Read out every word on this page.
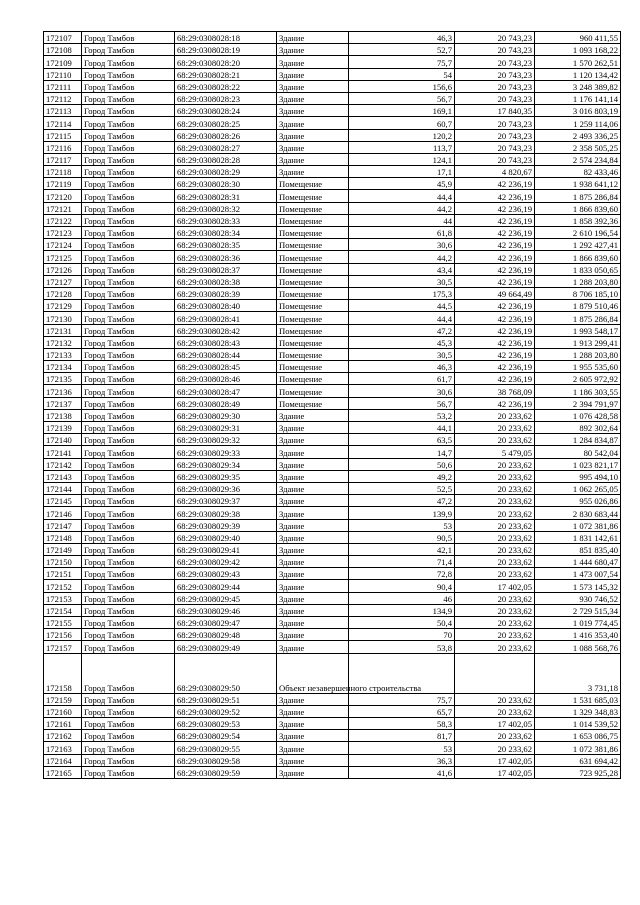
172107	Город Тамбов	68:29:0308028:18	Здание	46,3	20 743,23	960 411,55
172108	Город Тамбов	68:29:0308028:19	Здание	52,7	20 743,23	1 093 168,22
172109	Город Тамбов	68:29:0308028:20	Здание	75,7	20 743,23	1 570 262,51
172110	Город Тамбов	68:29:0308028:21	Здание	54	20 743,23	1 120 134,42
172111	Город Тамбов	68:29:0308028:22	Здание	156,6	20 743,23	3 248 389,82
172112	Город Тамбов	68:29:0308028:23	Здание	56,7	20 743,23	1 176 141,14
172113	Город Тамбов	68:29:0308028:24	Здание	169,1	17 840,35	3 016 803,19
172114	Город Тамбов	68:29:0308028:25	Здание	60,7	20 743,23	1 259 114,06
172115	Город Тамбов	68:29:0308028:26	Здание	120,2	20 743,23	2 493 336,25
172116	Город Тамбов	68:29:0308028:27	Здание	113,7	20 743,23	2 358 505,25
172117	Город Тамбов	68:29:0308028:28	Здание	124,1	20 743,23	2 574 234,84
172118	Город Тамбов	68:29:0308028:29	Здание	17,1	4 820,67	82 433,46
172119	Город Тамбов	68:29:0308028:30	Помещение	45,9	42 236,19	1 938 641,12
172120	Город Тамбов	68:29:0308028:31	Помещение	44,4	42 236,19	1 875 286,84
172121	Город Тамбов	68:29:0308028:32	Помещение	44,2	42 236,19	1 866 839,60
172122	Город Тамбов	68:29:0308028:33	Помещение	44	42 236,19	1 858 392,36
172123	Город Тамбов	68:29:0308028:34	Помещение	61,8	42 236,19	2 610 196,54
172124	Город Тамбов	68:29:0308028:35	Помещение	30,6	42 236,19	1 292 427,41
172125	Город Тамбов	68:29:0308028:36	Помещение	44,2	42 236,19	1 866 839,60
172126	Город Тамбов	68:29:0308028:37	Помещение	43,4	42 236,19	1 833 050,65
172127	Город Тамбов	68:29:0308028:38	Помещение	30,5	42 236,19	1 288 203,80
172128	Город Тамбов	68:29:0308028:39	Помещение	175,3	49 664,49	8 706 185,10
172129	Город Тамбов	68:29:0308028:40	Помещение	44,5	42 236,19	1 879 510,46
172130	Город Тамбов	68:29:0308028:41	Помещение	44,4	42 236,19	1 875 286,84
172131	Город Тамбов	68:29:0308028:42	Помещение	47,2	42 236,19	1 993 548,17
172132	Город Тамбов	68:29:0308028:43	Помещение	45,3	42 236,19	1 913 299,41
172133	Город Тамбов	68:29:0308028:44	Помещение	30,5	42 236,19	1 288 203,80
172134	Город Тамбов	68:29:0308028:45	Помещение	46,3	42 236,19	1 955 535,60
172135	Город Тамбов	68:29:0308028:46	Помещение	61,7	42 236,19	2 605 972,92
172136	Город Тамбов	68:29:0308028:47	Помещение	30,6	38 768,09	1 186 303,55
172137	Город Тамбов	68:29:0308028:49	Помещение	56,7	42 236,19	2 394 791,97
172138	Город Тамбов	68:29:0308029:30	Здание	53,2	20 233,62	1 076 428,58
172139	Город Тамбов	68:29:0308029:31	Здание	44,1	20 233,62	892 302,64
172140	Город Тамбов	68:29:0308029:32	Здание	63,5	20 233,62	1 284 834,87
172141	Город Тамбов	68:29:0308029:33	Здание	14,7	5 479,05	80 542,04
172142	Город Тамбов	68:29:0308029:34	Здание	50,6	20 233,62	1 023 821,17
172143	Город Тамбов	68:29:0308029:35	Здание	49,2	20 233,62	995 494,10
172144	Город Тамбов	68:29:0308029:36	Здание	52,5	20 233,62	1 062 265,05
172145	Город Тамбов	68:29:0308029:37	Здание	47,2	20 233,62	955 026,86
172146	Город Тамбов	68:29:0308029:38	Здание	139,9	20 233,62	2 830 683,44
172147	Город Тамбов	68:29:0308029:39	Здание	53	20 233,62	1 072 381,86
172148	Город Тамбов	68:29:0308029:40	Здание	90,5	20 233,62	1 831 142,61
172149	Город Тамбов	68:29:0308029:41	Здание	42,1	20 233,62	851 835,40
172150	Город Тамбов	68:29:0308029:42	Здание	71,4	20 233,62	1 444 680,47
172151	Город Тамбов	68:29:0308029:43	Здание	72,8	20 233,62	1 473 007,54
172152	Город Тамбов	68:29:0308029:44	Здание	90,4	17 402,05	1 573 145,32
172153	Город Тамбов	68:29:0308029:45	Здание	46	20 233,62	930 746,52
172154	Город Тамбов	68:29:0308029:46	Здание	134,9	20 233,62	2 729 515,34
172155	Город Тамбов	68:29:0308029:47	Здание	50,4	20 233,62	1 019 774,45
172156	Город Тамбов	68:29:0308029:48	Здание	70	20 233,62	1 416 353,40
172157	Город Тамбов	68:29:0308029:49	Здание	53,8	20 233,62	1 088 568,76
172158	Город Тамбов	68:29:0308029:50	Объект незавершенного строительства			3 731,18
172159	Город Тамбов	68:29:0308029:51	Здание	75,7	20 233,62	1 531 685,03
172160	Город Тамбов	68:29:0308029:52	Здание	65,7	20 233,62	1 329 348,83
172161	Город Тамбов	68:29:0308029:53	Здание	58,3	17 402,05	1 014 539,52
172162	Город Тамбов	68:29:0308029:54	Здание	81,7	20 233,62	1 653 086,75
172163	Город Тамбов	68:29:0308029:55	Здание	53	20 233,62	1 072 381,86
172164	Город Тамбов	68:29:0308029:58	Здание	36,3	17 402,05	631 694,42
172165	Город Тамбов	68:29:0308029:59	Здание	41,6	17 402,05	723 925,28
